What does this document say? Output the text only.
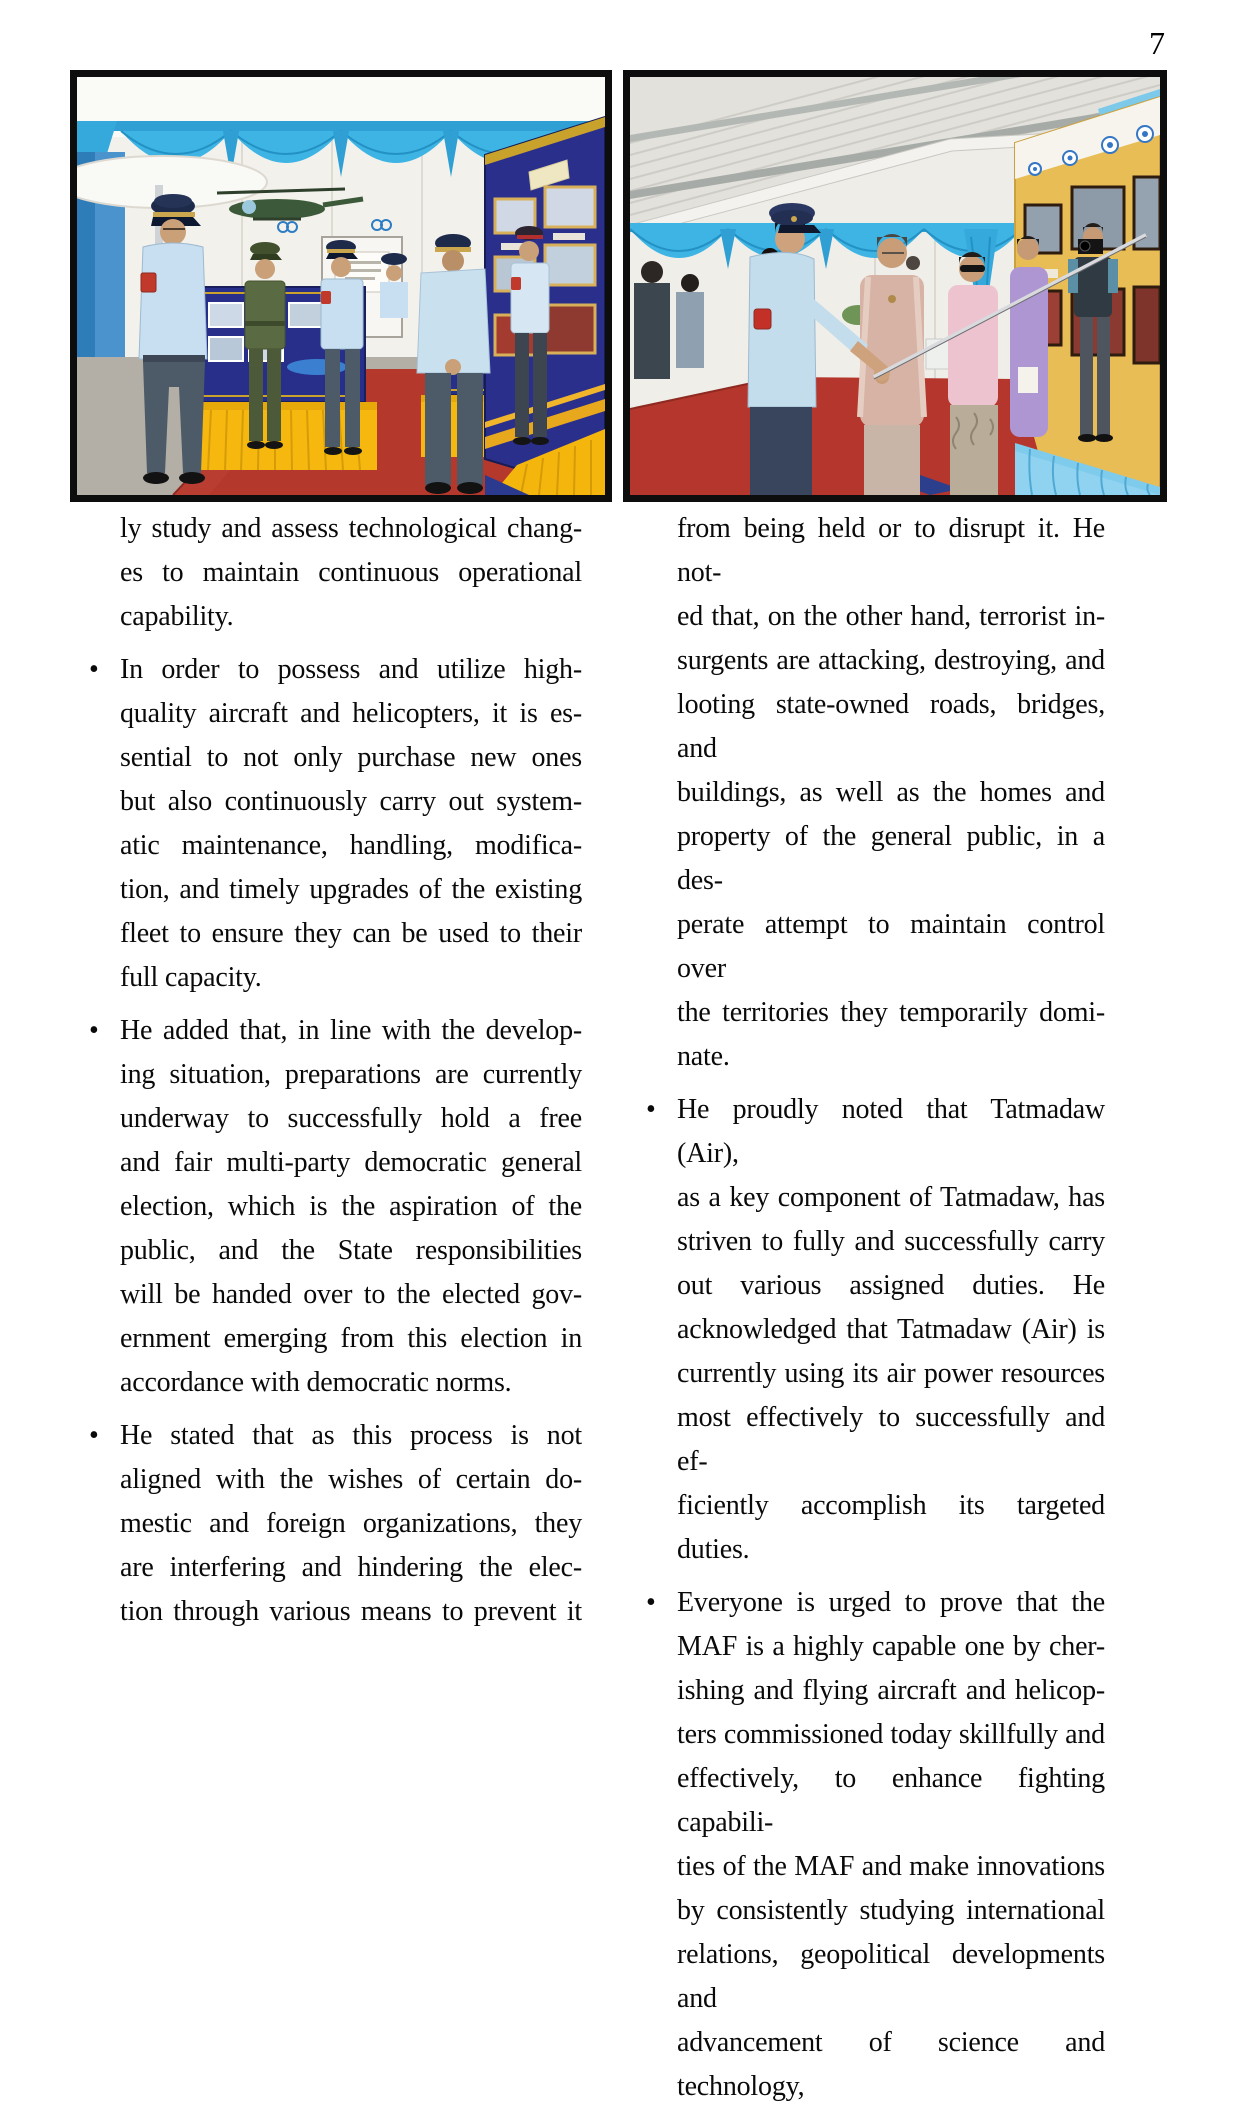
7
ly study and assess technological chang-
es to maintain continuous operational
capability.
• In order to possess and utilize high-
quality aircraft and helicopters, it is es-
sential to not only purchase new ones
but also continuously carry out system-
atic maintenance, handling, modifica-
tion, and timely upgrades of the existing
fleet to ensure they can be used to their
full capacity.
• He added that, in line with the develop-
ing situation, preparations are currently
underway to successfully hold a free
and fair multi-party democratic general
election, which is the aspiration of the
public, and the State responsibilities
will be handed over to the elected gov-
ernment emerging from this election in
accordance with democratic norms.
• He stated that as this process is not
aligned with the wishes of certain do-
mestic and foreign organizations, they
are interfering and hindering the elec-
tion through various means to prevent it
from being held or to disrupt it. He not-
ed that, on the other hand, terrorist in-
surgents are attacking, destroying, and
looting state-owned roads, bridges, and
buildings, as well as the homes and
property of the general public, in a des-
perate attempt to maintain control over
the territories they temporarily domi-
nate.
• He proudly noted that Tatmadaw (Air),
as a key component of Tatmadaw, has
striven to fully and successfully carry
out various assigned duties. He
acknowledged that Tatmadaw (Air) is
currently using its air power resources
most effectively to successfully and ef-
ficiently accomplish its targeted duties.
• Everyone is urged to prove that the
MAF is a highly capable one by cher-
ishing and flying aircraft and helicop-
ters commissioned today skillfully and
effectively, to enhance fighting capabili-
ties of the MAF and make innovations
by consistently studying international
relations, geopolitical developments and
advancement of science and technology,
